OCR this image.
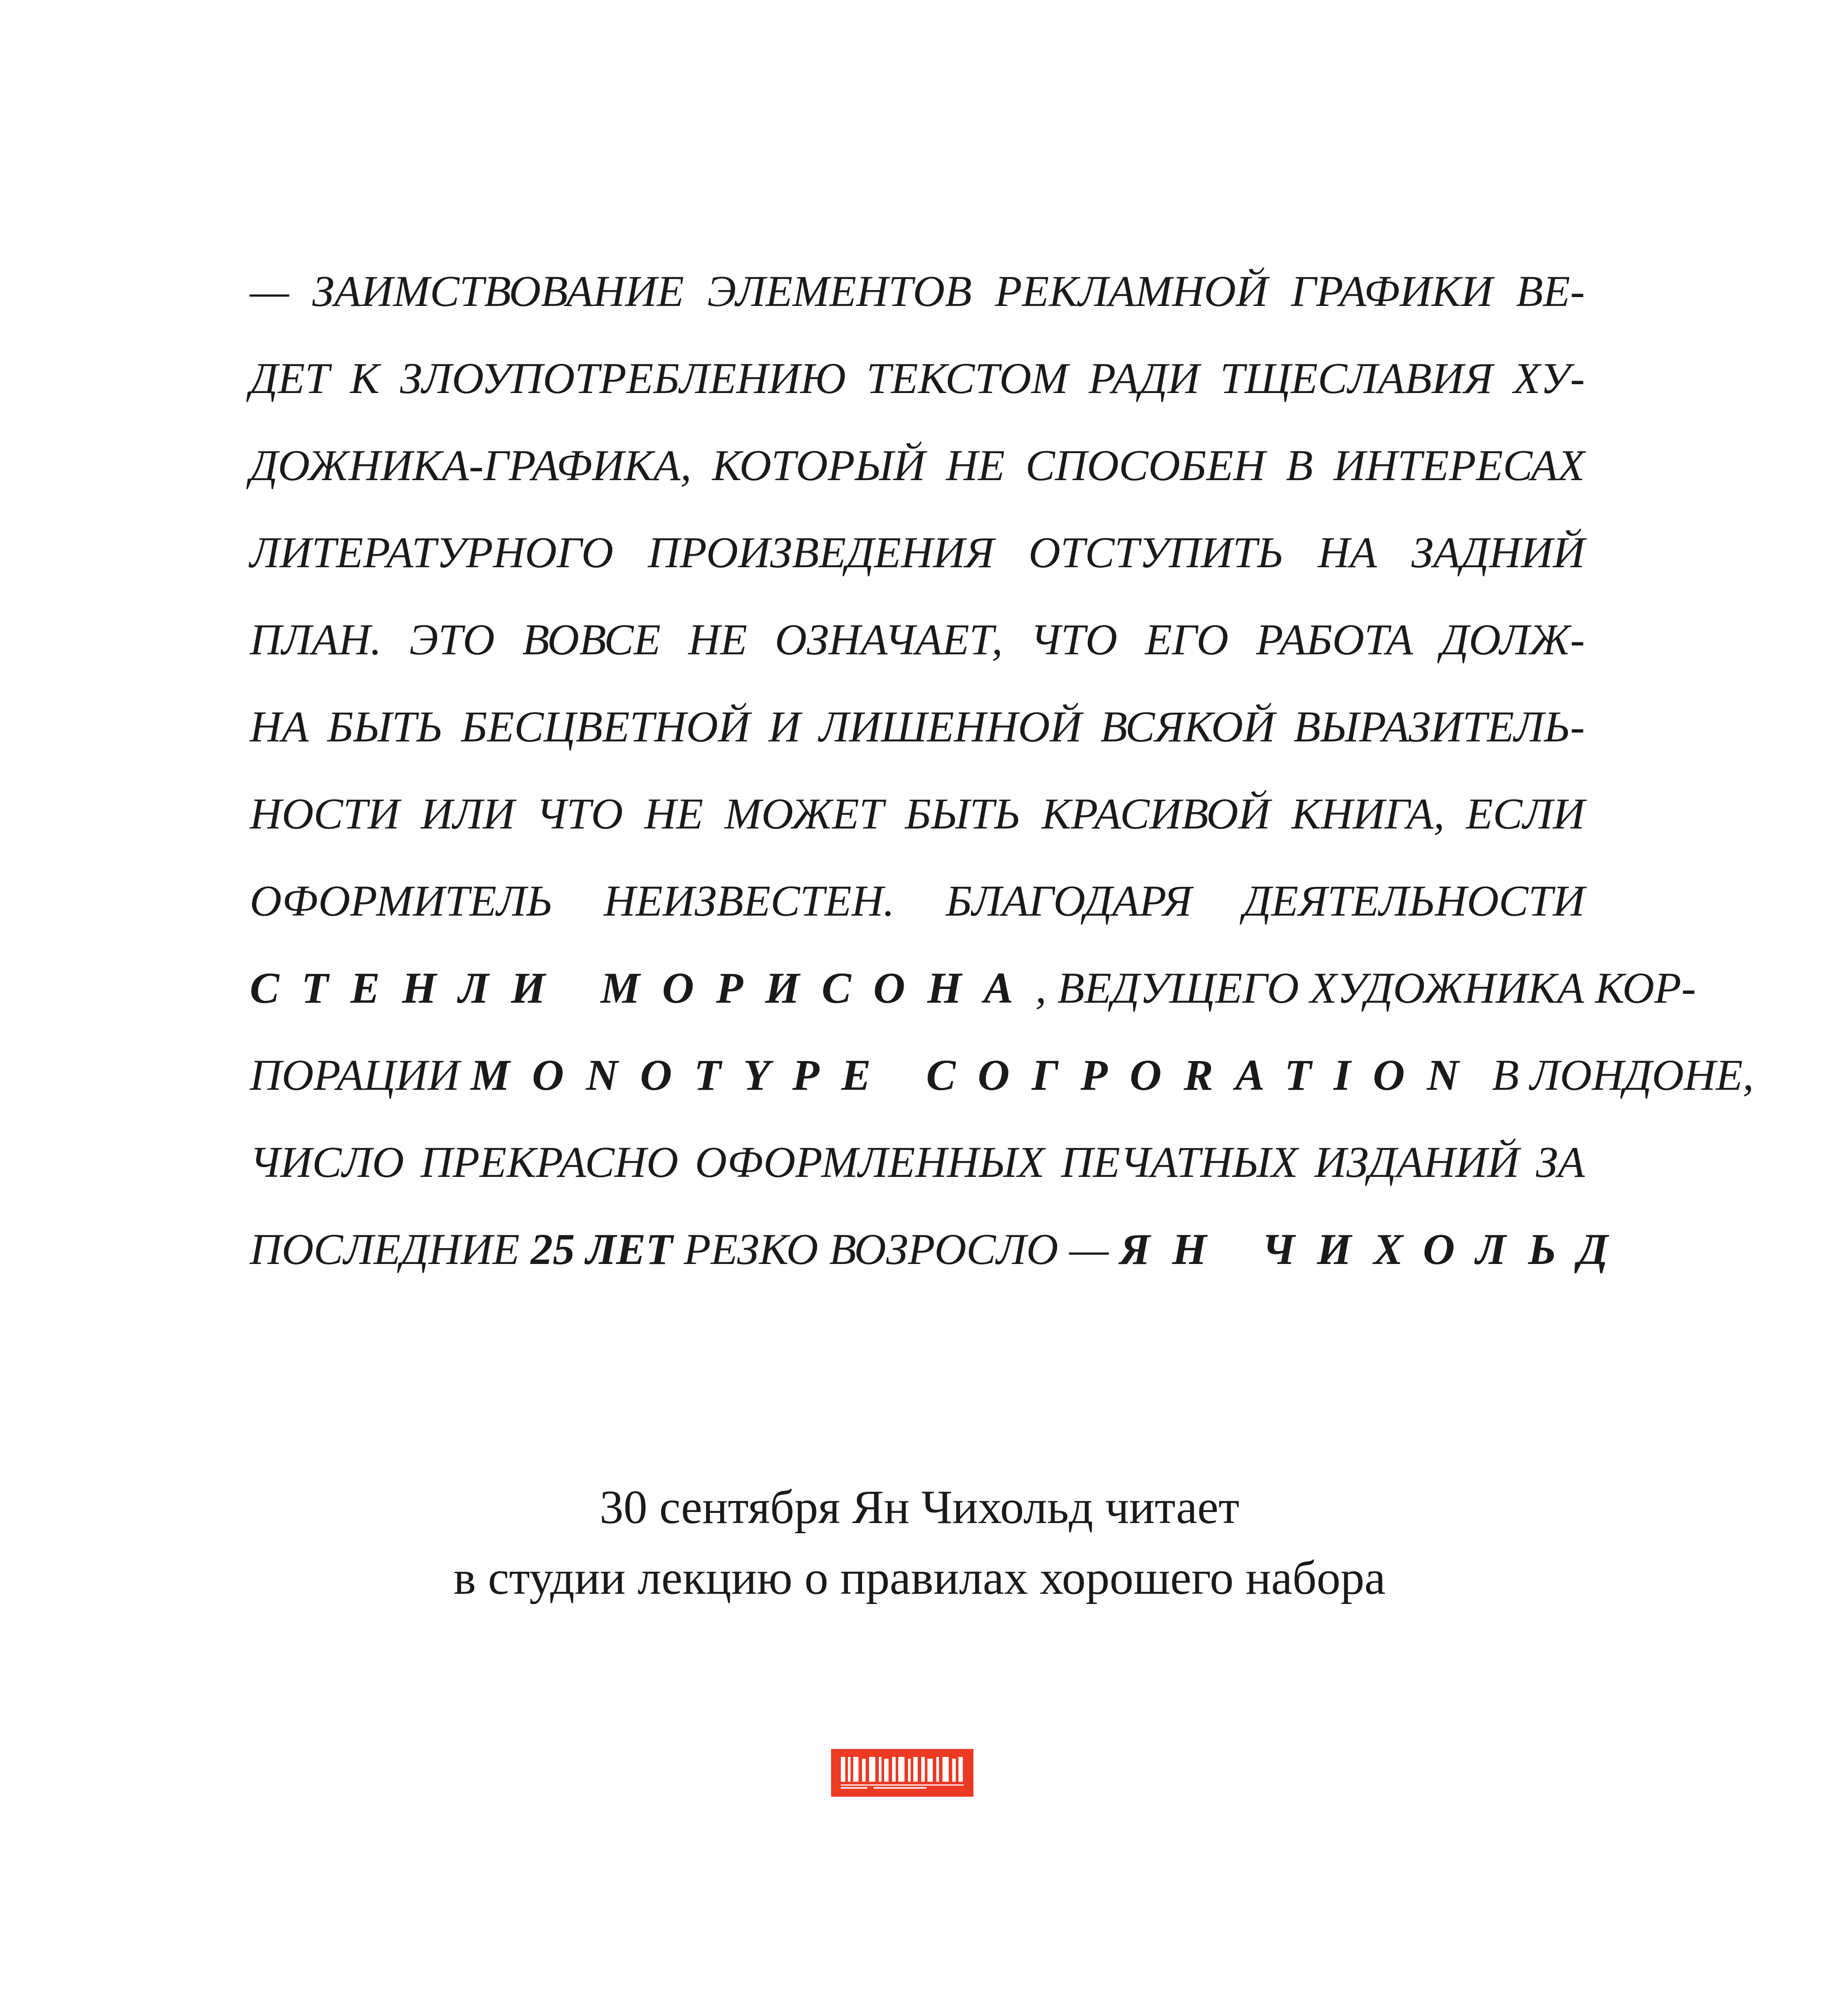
— ЗАИМСТВОВАНИЕ ЭЛЕМЕНТОВ РЕКЛАМНОЙ ГРАФИКИ ВЕ-
ДЕТ К ЗЛОУПОТРЕБЛЕНИЮ ТЕКСТОМ РАДИ ТЩЕСЛАВИЯ ХУ-
ДОЖНИКА-ГРАФИКА, КОТОРЫЙ НЕ СПОСОБЕН В ИНТЕРЕСАХ
ЛИТЕРАТУРНОГО ПРОИЗВЕДЕНИЯ ОТСТУПИТЬ НА ЗАДНИЙ
ПЛАН. ЭТО ВОВСЕ НЕ ОЗНАЧАЕТ, ЧТО ЕГО РАБОТА ДОЛЖ-
НА БЫТЬ БЕСЦВЕТНОЙ И ЛИШЕННОЙ ВСЯКОЙ ВЫРАЗИТЕЛЬ-
НОСТИ ИЛИ ЧТО НЕ МОЖЕТ БЫТЬ КРАСИВОЙ КНИГА, ЕСЛИ
ОФОРМИТЕЛЬ НЕИЗВЕСТЕН. БЛАГОДАРЯ ДЕЯТЕЛЬНОСТИ
СТЕНЛИ МОРИСОНА, ВЕДУЩЕГО ХУДОЖНИКА КОР-
ПОРАЦИИ MONOTYPE COГPORATION В ЛОНДОНЕ,
ЧИСЛО ПРЕКРАСНО ОФОРМЛЕННЫХ ПЕЧАТНЫХ ИЗДАНИЙ ЗА
ПОСЛЕДНИЕ 25 ЛЕТ РЕЗКО ВОЗРОСЛО — ЯН ЧИХОЛЬД
30 сентября Ян Чихольд читает
в студии лекцию о правилах хорошего набора
